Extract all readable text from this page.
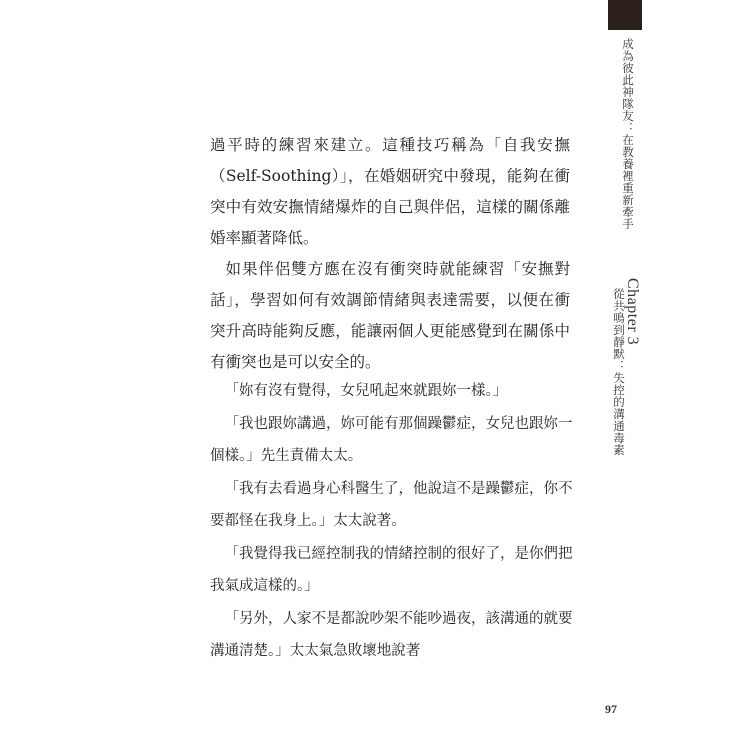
成為彼此神隊友：在教養裡重新牽手
Chapter 3
從共鳴到靜默：失控的溝通毒素

過平時的練習來建立。這種技巧稱為「自我安撫（Self-Soothing）」，在婚姻研究中發現，能夠在衝突中有效安撫情緒爆炸的自己與伴侶，這樣的關係離婚率顯著降低。

如果伴侶雙方應在沒有衝突時就能練習「安撫對話」，學習如何有效調節情緒與表達需要，以便在衝突升高時能夠反應，能讓兩個人更能感覺到在關係中有衝突也是可以安全的。

「妳有沒有覺得，女兒吼起來就跟妳一樣。」

「我也跟妳講過，妳可能有那個躁鬱症，女兒也跟妳一個樣。」先生責備太太。

「我有去看過身心科醫生了，他說這不是躁鬱症，你不要都怪在我身上。」太太說著。

「我覺得我已經控制我的情緒控制的很好了，是你們把我氣成這樣的。」

「另外，人家不是都說吵架不能吵過夜，該溝通的就要溝通清楚。」太太氣急敗壞地說著

97
